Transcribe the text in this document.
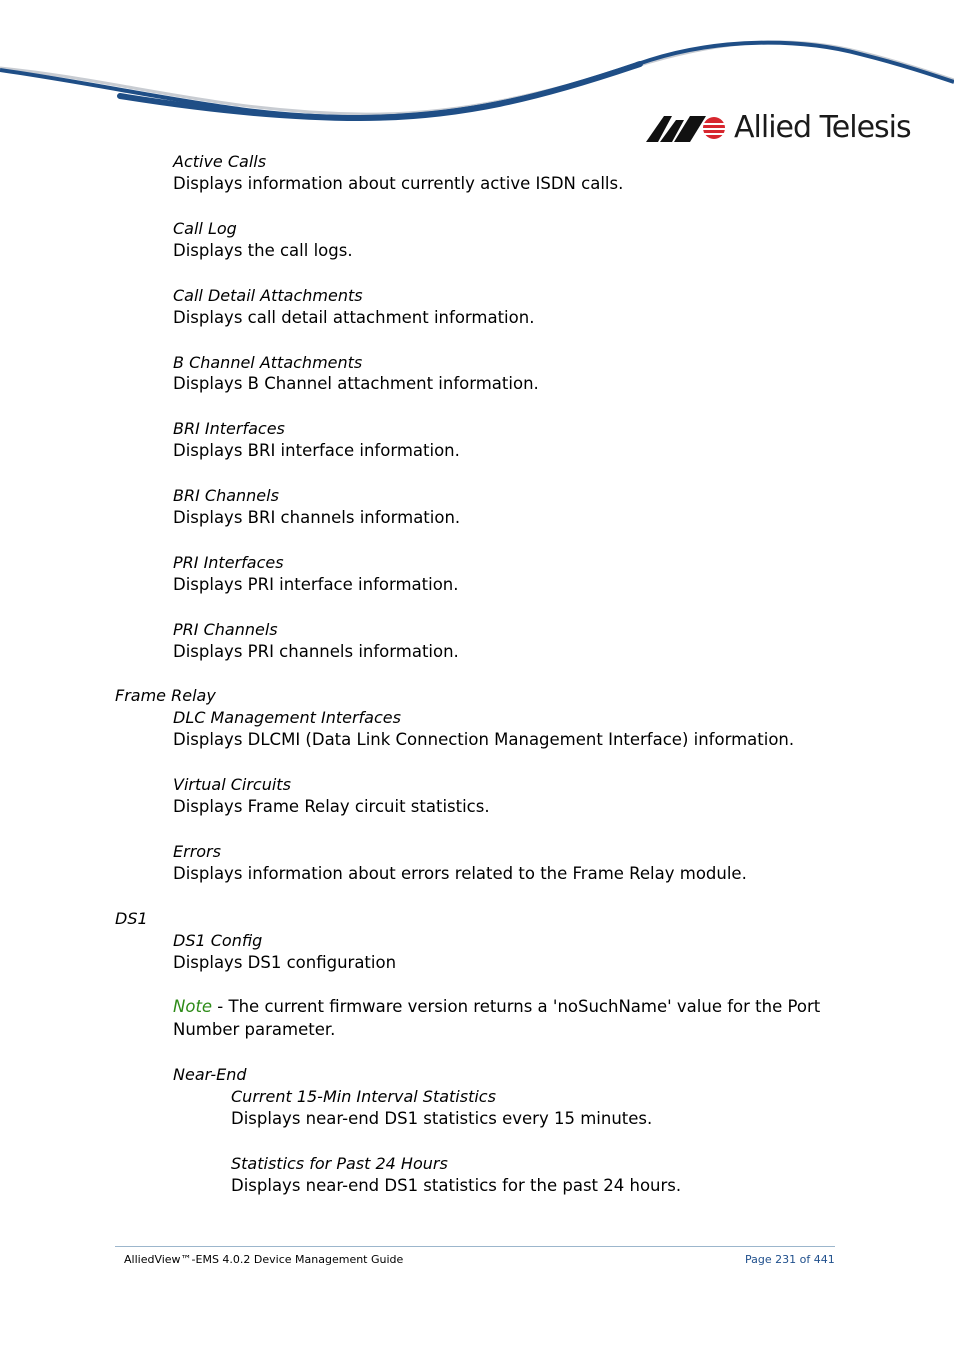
Allied Telesis
Active Calls
Displays information about currently active ISDN calls.
Call Log
Displays the call logs.
Call Detail Attachments
Displays call detail attachment information.
B Channel Attachments
Displays B Channel attachment information.
BRI Interfaces
Displays BRI interface information.
BRI Channels
Displays BRI channels information.
PRI Interfaces
Displays PRI interface information.
PRI Channels
Displays PRI channels information.
Frame Relay
DLC Management Interfaces
Displays DLCMI (Data Link Connection Management Interface) information.
Virtual Circuits
Displays Frame Relay circuit statistics.
Errors
Displays information about errors related to the Frame Relay module.
DS1
DS1 Config
Displays DS1 configuration
Note - The current firmware version returns a 'noSuchName' value for the Port
Number parameter.
Near-End
Current 15-Min Interval Statistics
Displays near-end DS1 statistics every 15 minutes.
Statistics for Past 24 Hours
Displays near-end DS1 statistics for the past 24 hours.
AlliedView™-EMS 4.0.2 Device Management Guide	Page 231 of 441
